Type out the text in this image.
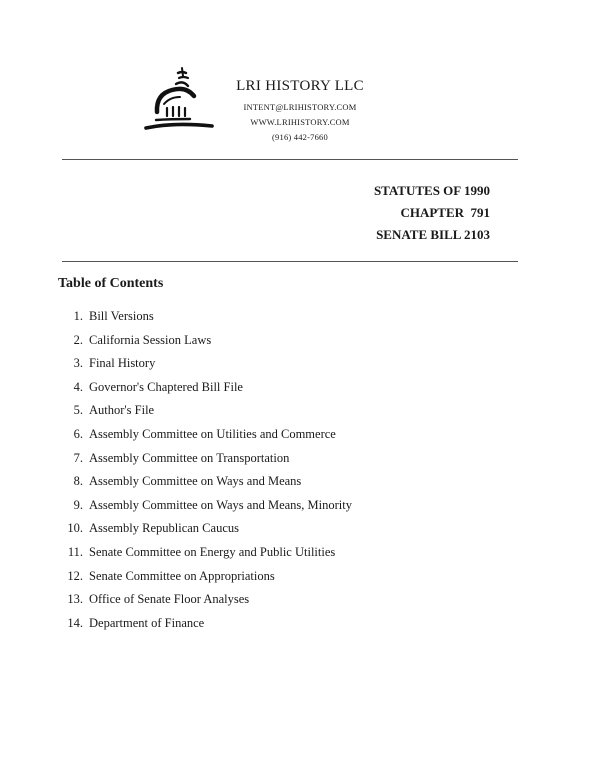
LRI HISTORY LLC
INTENT@LRIHISTORY.COM
WWW.LRIHISTORY.COM
(916) 442-7660
STATUTES OF 1990
CHAPTER  791
SENATE BILL 2103
Table of Contents
1. Bill Versions
2. California Session Laws
3. Final History
4. Governor's Chaptered Bill File
5. Author's File
6. Assembly Committee on Utilities and Commerce
7. Assembly Committee on Transportation
8. Assembly Committee on Ways and Means
9. Assembly Committee on Ways and Means, Minority
10. Assembly Republican Caucus
11. Senate Committee on Energy and Public Utilities
12. Senate Committee on Appropriations
13. Office of Senate Floor Analyses
14. Department of Finance
